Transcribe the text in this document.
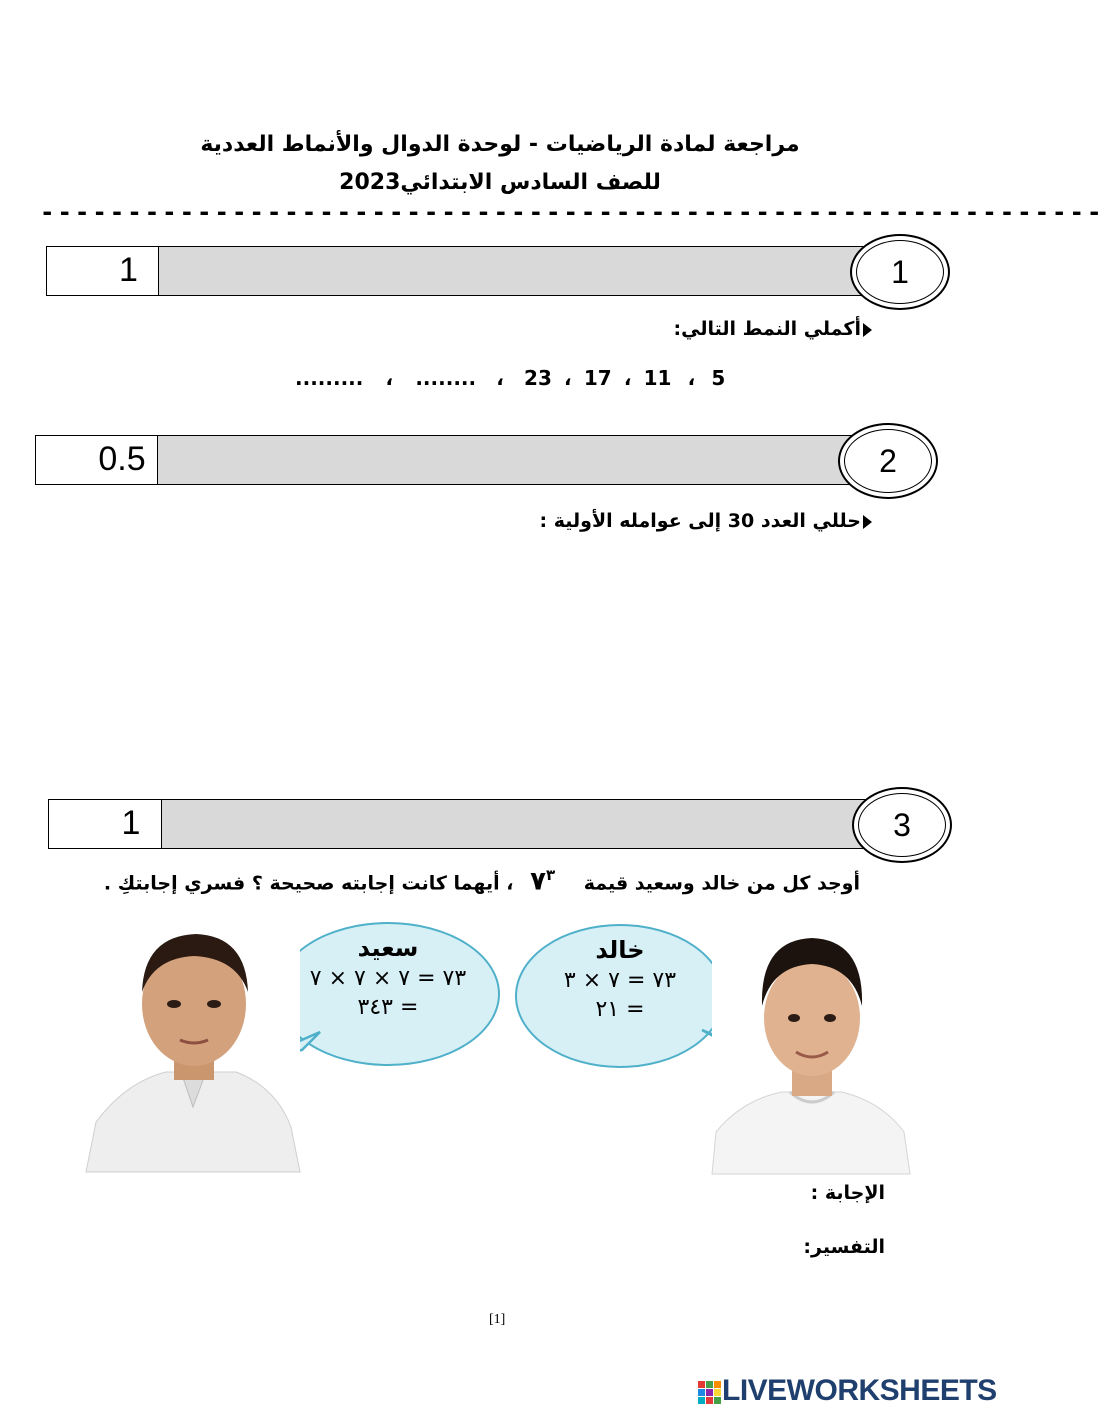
مراجعة لمادة الرياضيات - لوحدة الدوال والأنماط العددية
للصف السادس الابتدائي2023
-------------------------------------------------------------
1	1
أكملي النمط التالي:
......... ، ........ ، 23 ، 17 ، 11 ، 5
0.5	2
حللي العدد 30 إلى عوامله الأولية :
1	3
أوجد كل من خالد وسعيد قيمة $٧^٣$ ، أيهما كانت إجابته صحيحة ؟ فسري إجابتكِ .
خالد
٧٣ = ٧ × ٣
= ٢١
سعيد
٧٣ = ٧ × ٧ × ٧
= ٣٤٣
الإجابة :
التفسير:
[1]
LIVEWORKSHEETS
